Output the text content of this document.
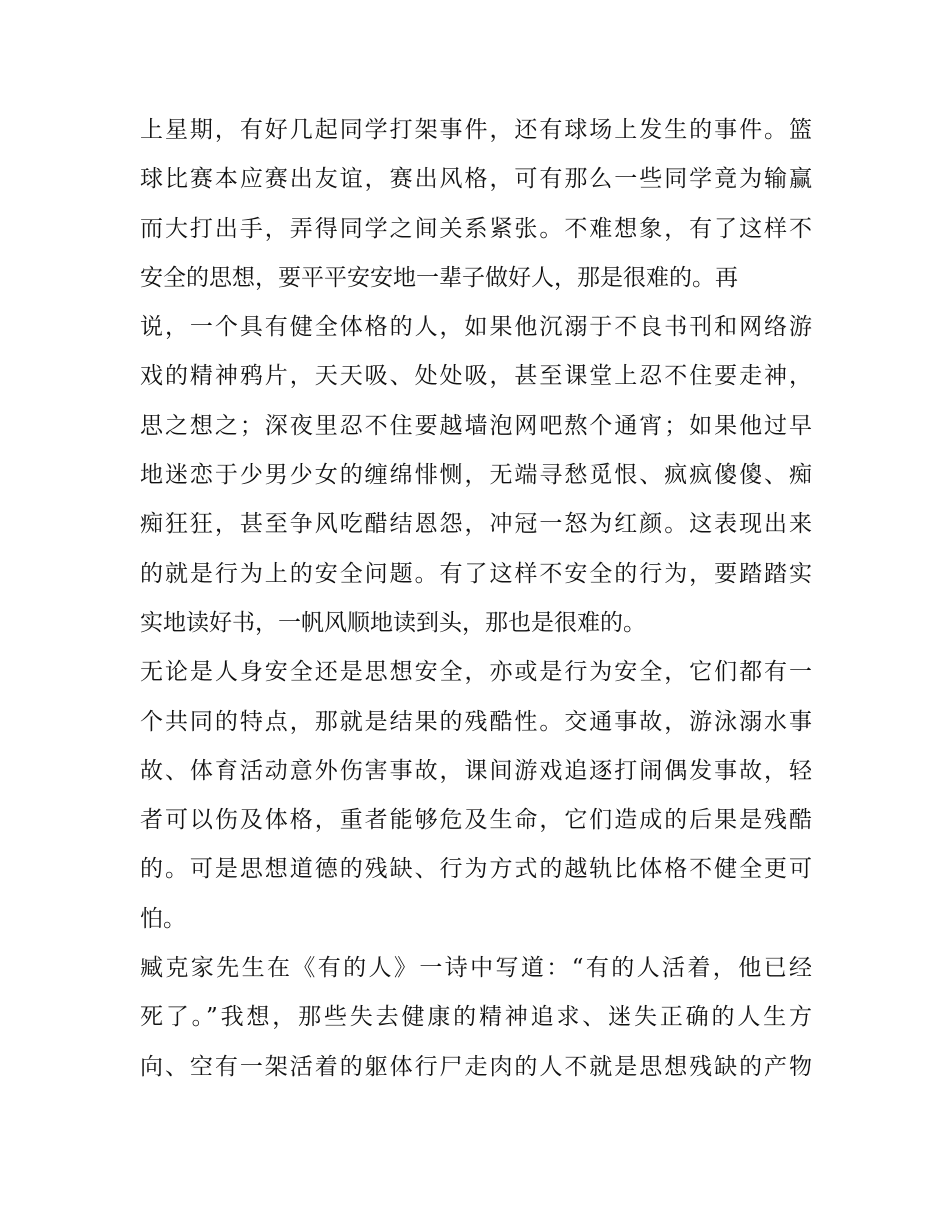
上星期，有好几起同学打架事件，还有球场上发生的事件。篮
球比赛本应赛出友谊，赛出风格，可有那么一些同学竟为输赢
而大打出手，弄得同学之间关系紧张。不难想象，有了这样不
安全的思想，要平平安安地一辈子做好人，那是很难的。再
说，一个具有健全体格的人，如果他沉溺于不良书刊和网络游
戏的精神鸦片，天天吸、处处吸，甚至课堂上忍不住要走神，
思之想之；深夜里忍不住要越墙泡网吧熬个通宵；如果他过早
地迷恋于少男少女的缠绵悱恻，无端寻愁觅恨、疯疯傻傻、痴
痴狂狂，甚至争风吃醋结恩怨，冲冠一怒为红颜。这表现出来
的就是行为上的安全问题。有了这样不安全的行为，要踏踏实
实地读好书，一帆风顺地读到头，那也是很难的。
无论是人身安全还是思想安全，亦或是行为安全，它们都有一
个共同的特点，那就是结果的残酷性。交通事故，游泳溺水事
故、体育活动意外伤害事故，课间游戏追逐打闹偶发事故，轻
者可以伤及体格，重者能够危及生命，它们造成的后果是残酷
的。可是思想道德的残缺、行为方式的越轨比体格不健全更可
怕。
臧克家先生在《有的人》一诗中写道：“有的人活着，他已经
死了。”我想，那些失去健康的精神追求、迷失正确的人生方
向、空有一架活着的躯体行尸走肉的人不就是思想残缺的产物
